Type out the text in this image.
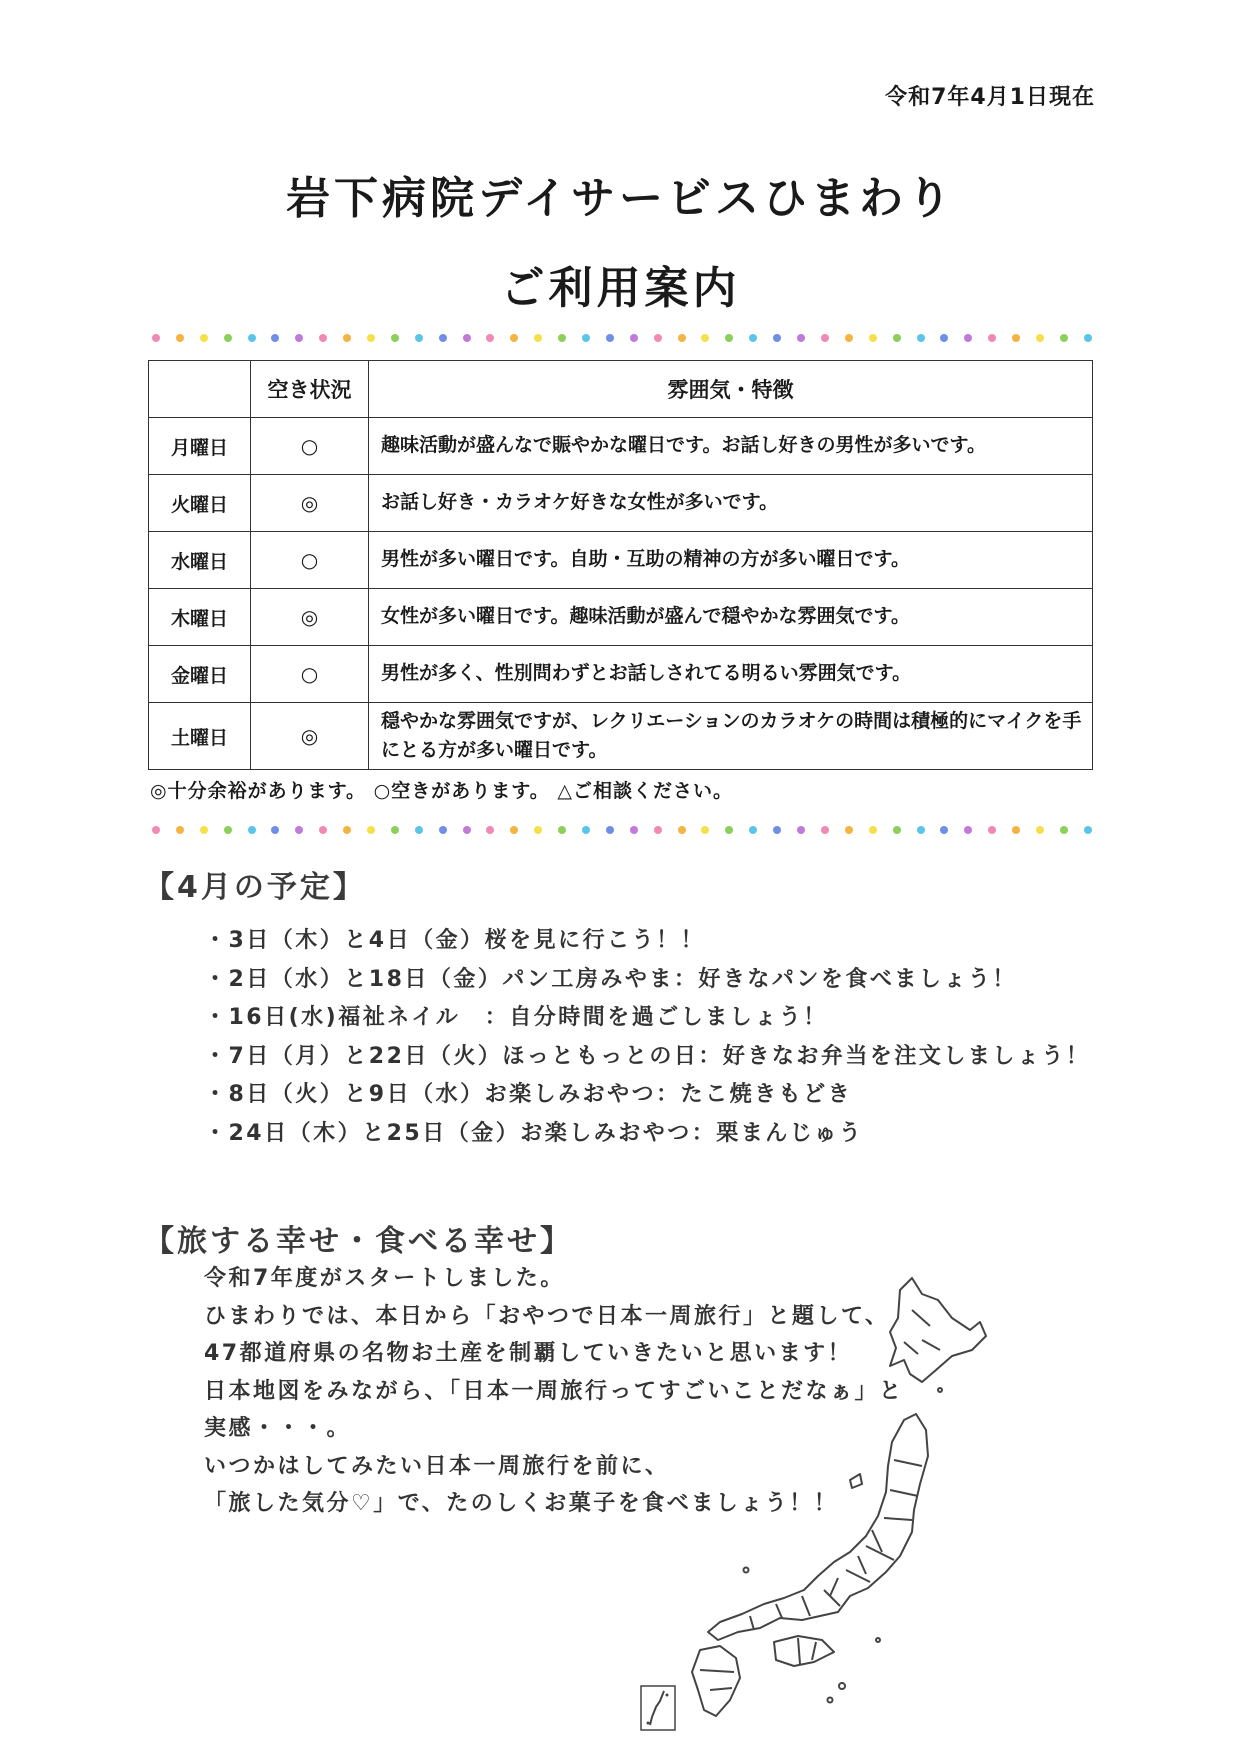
令和7年4月1日現在
岩下病院デイサービスひまわり
ご利用案内
	空き状況	雰囲気・特徴
月曜日	○	趣味活動が盛んなで賑やかな曜日です。お話し好きの男性が多いです。
火曜日	◎	お話し好き・カラオケ好きな女性が多いです。
水曜日	○	男性が多い曜日です。自助・互助の精神の方が多い曜日です。
木曜日	◎	女性が多い曜日です。趣味活動が盛んで穏やかな雰囲気です。
金曜日	○	男性が多く、性別問わずとお話しされてる明るい雰囲気です。
土曜日	◎	穏やかな雰囲気ですが、レクリエーションのカラオケの時間は積極的にマイクを手にとる方が多い曜日です。
◎十分余裕があります。 ○空きがあります。 △ご相談ください。
【4月の予定】
・3日（木）と4日（金）桜を見に行こう！！
・2日（水）と18日（金）パン工房みやま：好きなパンを食べましょう！
・16日(水)福祉ネイル　：自分時間を過ごしましょう！
・7日（月）と22日（火）ほっともっとの日：好きなお弁当を注文しましょう！
・8日（火）と9日（水）お楽しみおやつ：たこ焼きもどき
・24日（木）と25日（金）お楽しみおやつ：栗まんじゅう
【旅する幸せ・食べる幸せ】
令和7年度がスタートしました。
ひまわりでは、本日から「おやつで日本一周旅行」と題して、
47都道府県の名物お土産を制覇していきたいと思います！
日本地図をみながら、「日本一周旅行ってすごいことだなぁ」と
実感・・・。
いつかはしてみたい日本一周旅行を前に、
「旅した気分♡」で、たのしくお菓子を食べましょう！！
